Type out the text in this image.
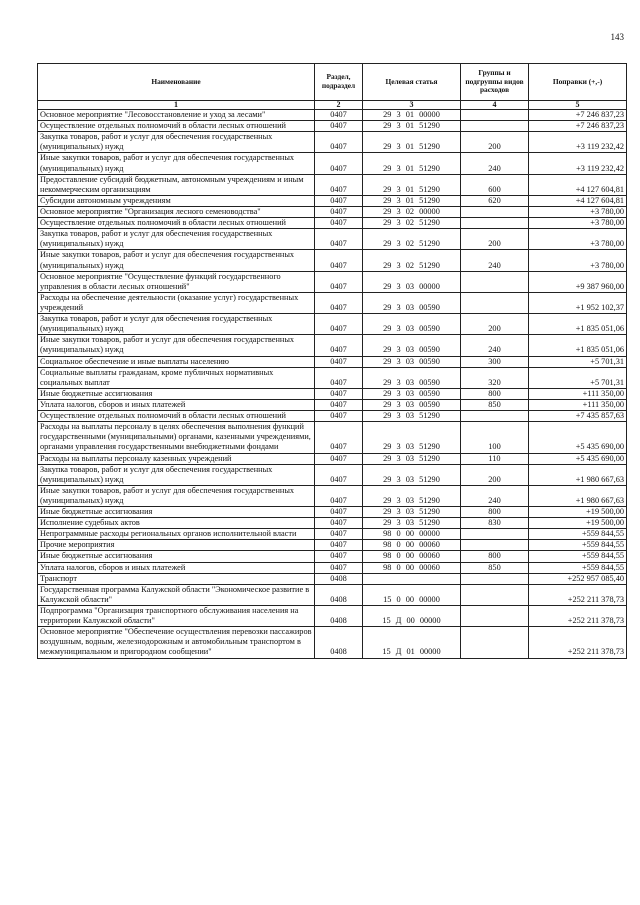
143
Наименование	Раздел, подраздел	Целевая статья	Группы и подгруппы видов расходов	Поправки (+,-)
1	2	3	4	5
Основное мероприятие "Лесовосстановление и уход за лесами"	0407	29 3 01 00000		+7 246 837,23
Осуществление отдельных полномочий в области лесных отношений	0407	29 3 01 51290		+7 246 837,23
Закупка товаров, работ и услуг для обеспечения государственных (муниципальных) нужд	0407	29 3 01 51290	200	+3 119 232,42
Иные закупки товаров, работ и услуг для обеспечения государственных (муниципальных) нужд	0407	29 3 01 51290	240	+3 119 232,42
Предоставление субсидий бюджетным, автономным учреждениям и иным некоммерческим организациям	0407	29 3 01 51290	600	+4 127 604,81
Субсидии автономным учреждениям	0407	29 3 01 51290	620	+4 127 604,81
Основное мероприятие "Организация лесного семеноводства"	0407	29 3 02 00000		+3 780,00
Осуществление отдельных полномочий в области лесных отношений	0407	29 3 02 51290		+3 780,00
Закупка товаров, работ и услуг для обеспечения государственных (муниципальных) нужд	0407	29 3 02 51290	200	+3 780,00
Иные закупки товаров, работ и услуг для обеспечения государственных (муниципальных) нужд	0407	29 3 02 51290	240	+3 780,00
Основное мероприятие "Осуществление функций государственного управления в области лесных отношений"	0407	29 3 03 00000		+9 387 960,00
Расходы на обеспечение деятельности (оказание услуг) государственных учреждений	0407	29 3 03 00590		+1 952 102,37
Закупка товаров, работ и услуг для обеспечения государственных (муниципальных) нужд	0407	29 3 03 00590	200	+1 835 051,06
Иные закупки товаров, работ и услуг для обеспечения государственных (муниципальных) нужд	0407	29 3 03 00590	240	+1 835 051,06
Социальное обеспечение и иные выплаты населению	0407	29 3 03 00590	300	+5 701,31
Социальные выплаты гражданам, кроме публичных нормативных социальных выплат	0407	29 3 03 00590	320	+5 701,31
Иные бюджетные ассигнования	0407	29 3 03 00590	800	+111 350,00
Уплата налогов, сборов и иных платежей	0407	29 3 03 00590	850	+111 350,00
Осуществление отдельных полномочий в области лесных отношений	0407	29 3 03 51290		+7 435 857,63
Расходы на выплаты персоналу в целях обеспечения выполнения функций государственными (муниципальными) органами, казенными учреждениями, органами управления государственными внебюджетными фондами	0407	29 3 03 51290	100	+5 435 690,00
Расходы на выплаты персоналу казенных учреждений	0407	29 3 03 51290	110	+5 435 690,00
Закупка товаров, работ и услуг для обеспечения государственных (муниципальных) нужд	0407	29 3 03 51290	200	+1 980 667,63
Иные закупки товаров, работ и услуг для обеспечения государственных (муниципальных) нужд	0407	29 3 03 51290	240	+1 980 667,63
Иные бюджетные ассигнования	0407	29 3 03 51290	800	+19 500,00
Исполнение судебных актов	0407	29 3 03 51290	830	+19 500,00
Непрограммные расходы региональных органов исполнительной власти	0407	98 0 00 00000		+559 844,55
Прочие мероприятия	0407	98 0 00 00060		+559 844,55
Иные бюджетные ассигнования	0407	98 0 00 00060	800	+559 844,55
Уплата налогов, сборов и иных платежей	0407	98 0 00 00060	850	+559 844,55
Транспорт	0408			+252 957 085,40
Государственная программа Калужской области "Экономическое развитие в Калужской области"	0408	15 0 00 00000		+252 211 378,73
Подпрограмма "Организация транспортного обслуживания населения на территории Калужской области"	0408	15 Д 00 00000		+252 211 378,73
Основное мероприятие "Обеспечение осуществления перевозки пассажиров воздушным, водным, железнодорожным и автомобильным транспортом в межмуниципальном и пригородном сообщении"	0408	15 Д 01 00000		+252 211 378,73
